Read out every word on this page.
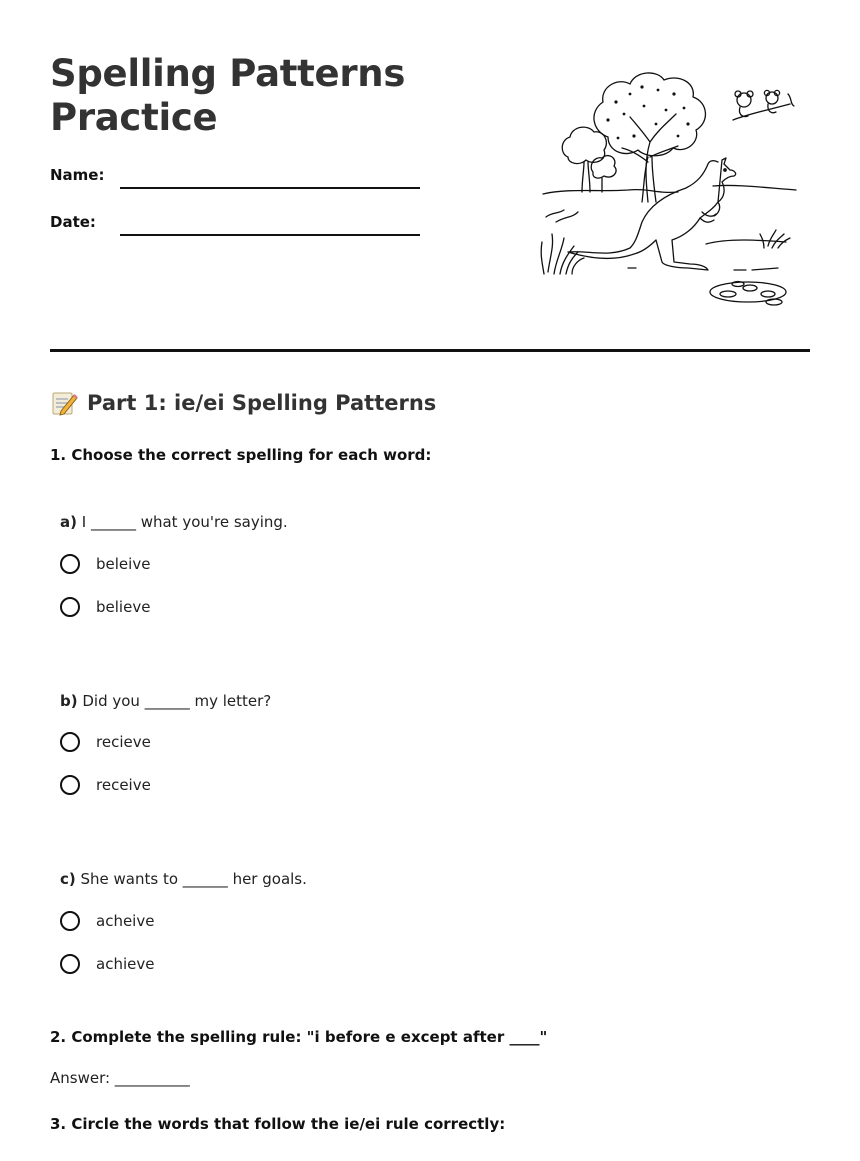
Spelling Patterns
Practice
Name:
Date:
Part 1: ie/ei Spelling Patterns
1. Choose the correct spelling for each word:
a) I ______ what you're saying.
beleive
believe
b) Did you ______ my letter?
recieve
receive
c) She wants to ______ her goals.
acheive
achieve
2. Complete the spelling rule: "i before e except after ____"
Answer: __________
3. Circle the words that follow the ie/ei rule correctly:
